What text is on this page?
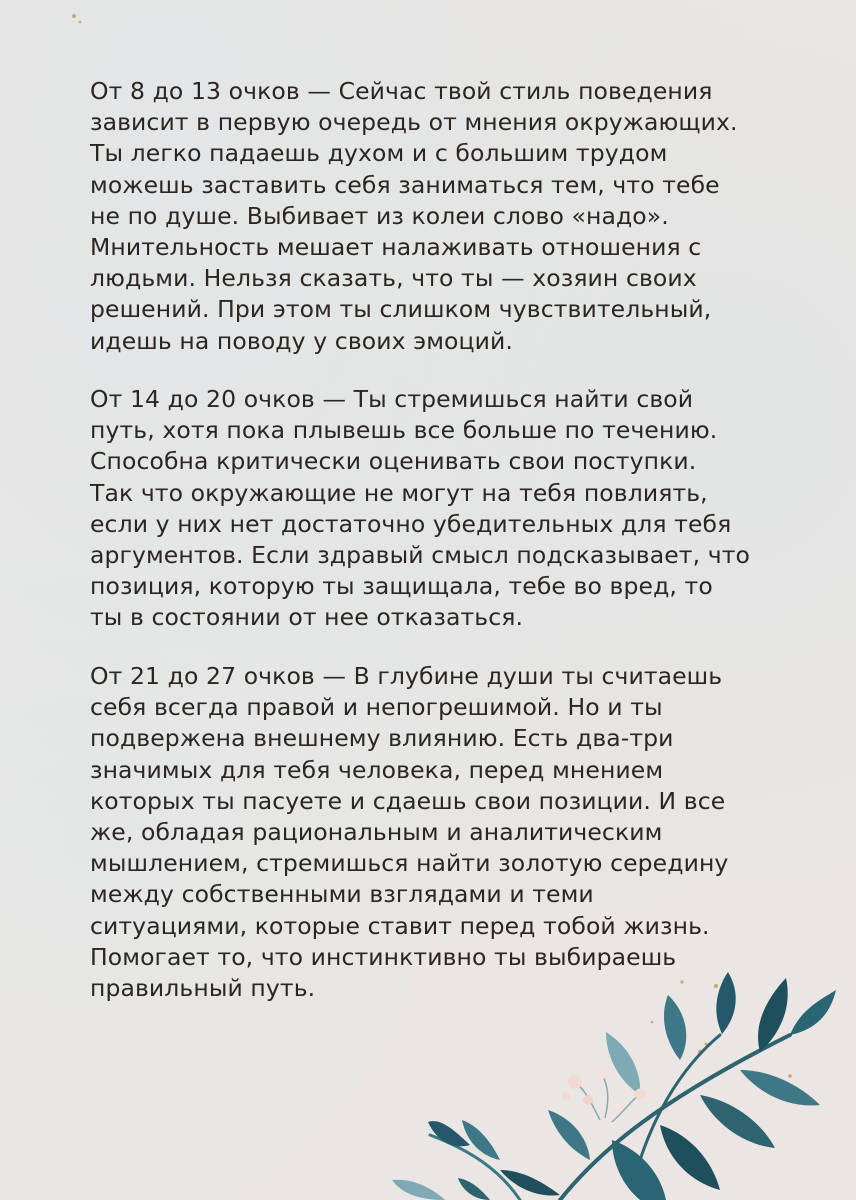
От 8 до 13 очков — Сейчас твой стиль поведения
зависит в первую очередь от мнения окружающих.
Ты легко падаешь духом и с большим трудом
можешь заставить себя заниматься тем, что тебе
не по душе. Выбивает из колеи слово «надо».
Мнительность мешает налаживать отношения с
людьми. Нельзя сказать, что ты — хозяин своих
решений. При этом ты слишком чувствительный,
идешь на поводу у своих эмоций.
От 14 до 20 очков — Ты стремишься найти свой
путь, хотя пока плывешь все больше по течению.
Способна критически оценивать свои поступки.
Так что окружающие не могут на тебя повлиять,
если у них нет достаточно убедительных для тебя
аргументов. Если здравый смысл подсказывает, что
позиция, которую ты защищала, тебе во вред, то
ты в состоянии от нее отказаться.
От 21 до 27 очков — В глубине души ты считаешь
себя всегда правой и непогрешимой. Но и ты
подвержена внешнему влиянию. Есть два-три
значимых для тебя человека, перед мнением
которых ты пасуете и сдаешь свои позиции. И все
же, обладая рациональным и аналитическим
мышлением, стремишься найти золотую середину
между собственными взглядами и теми
ситуациями, которые ставит перед тобой жизнь.
Помогает то, что инстинктивно ты выбираешь
правильный путь.
